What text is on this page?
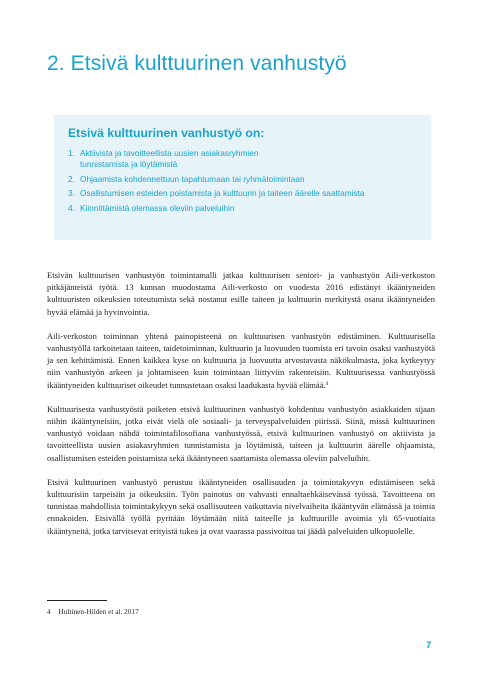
2. Etsivä kulttuurinen vanhustyö
Etsivä kulttuurinen vanhustyö on:
1. Aktiivista ja tavoitteellista uusien asiakasryhmien
tunnistamista ja löytämistä
2. Ohjaamista kohdennettuun tapahtumaan tai ryhmätoimintaan
3. Osallistumisen esteiden poistamista ja kulttuurin ja taiteen äärelle saattamista
4. Kiinnittämistä olemassa oleviin palveluihin

Etsivän kulttuurisen vanhustyön toimintamalli jatkaa kulttuurisen seniori- ja vanhustyön Aili-verkoston pitkäjänteistä työtä. 13 kunnan muodostama Aili-verkosto on vuodesta 2016 edistänyt ikääntyneiden kulttuuristen oikeuksien toteutumista sekä nostanut esille taiteen ja kulttuurin merkitystä osana ikääntyneiden hyvää elämää ja hyvinvointia.

Aili-verkoston toiminnan yhtenä painopisteenä on kulttuurisen vanhustyön edistäminen. Kulttuurisella vanhustyöllä tarkoitetaan taiteen, taidetoiminnan, kulttuurin ja luovuuden tuomista eri tavoin osaksi vanhustyötä ja sen kehittämistä. Ennen kaikkea kyse on kulttuuria ja luovuutta arvostavasta näkökulmasta, joka kytkeytyy niin vanhustyön arkeen ja johtamiseen kuin toimintaan liittyviin rakenteisiin. Kulttuurisessa vanhustyössä ikääntyneiden kulttuuriset oikeudet tunnustetaan osaksi laadukasta hyvää elämää.$^4$

Kulttuurisesta vanhustyöstä poiketen etsivä kulttuurinen vanhustyö kohdentuu vanhustyön asiakkaiden sijaan niihin ikääntyneisiin, jotka eivät vielä ole sosiaali- ja terveyspalveluiden piirissä. Siinä, missä kulttuurinen vanhustyö voidaan nähdä toimintafilosofiana vanhustyössä, etsivä kulttuurinen vanhustyö on aktiivista ja tavoitteellista uusien asiakasryhmien tunnistamista ja löytämistä, taiteen ja kulttuurin äärelle ohjaamista, osallistumisen esteiden poistamista sekä ikääntyneen saattamista olemassa oleviin palveluihin.

Etsivä kulttuurinen vanhustyö perustuu ikääntyneiden osallisuuden ja toimintakyvyn edistämiseen sekä kulttuurisiin tarpeisiin ja oikeuksiin. Työn painotus on vahvasti ennaltaehkäisevässä työssä. Tavoitteena on tunnistaa mahdollisia toimintakykyyn sekä osallisuuteen vaikuttavia nivelvaiheita ikääntyvän elämässä ja toimia ennakoiden. Etsivällä työllä pyritään löytämään niitä taiteelle ja kulttuurille avoimia yli 65-vuotiaita ikääntyneitä, jotka tarvitsevat erityistä tukea ja ovat vaarassa passivoitua tai jäädä palveluiden ulkopuolelle.

4 Hultinen-Hilden et al. 2017

7
